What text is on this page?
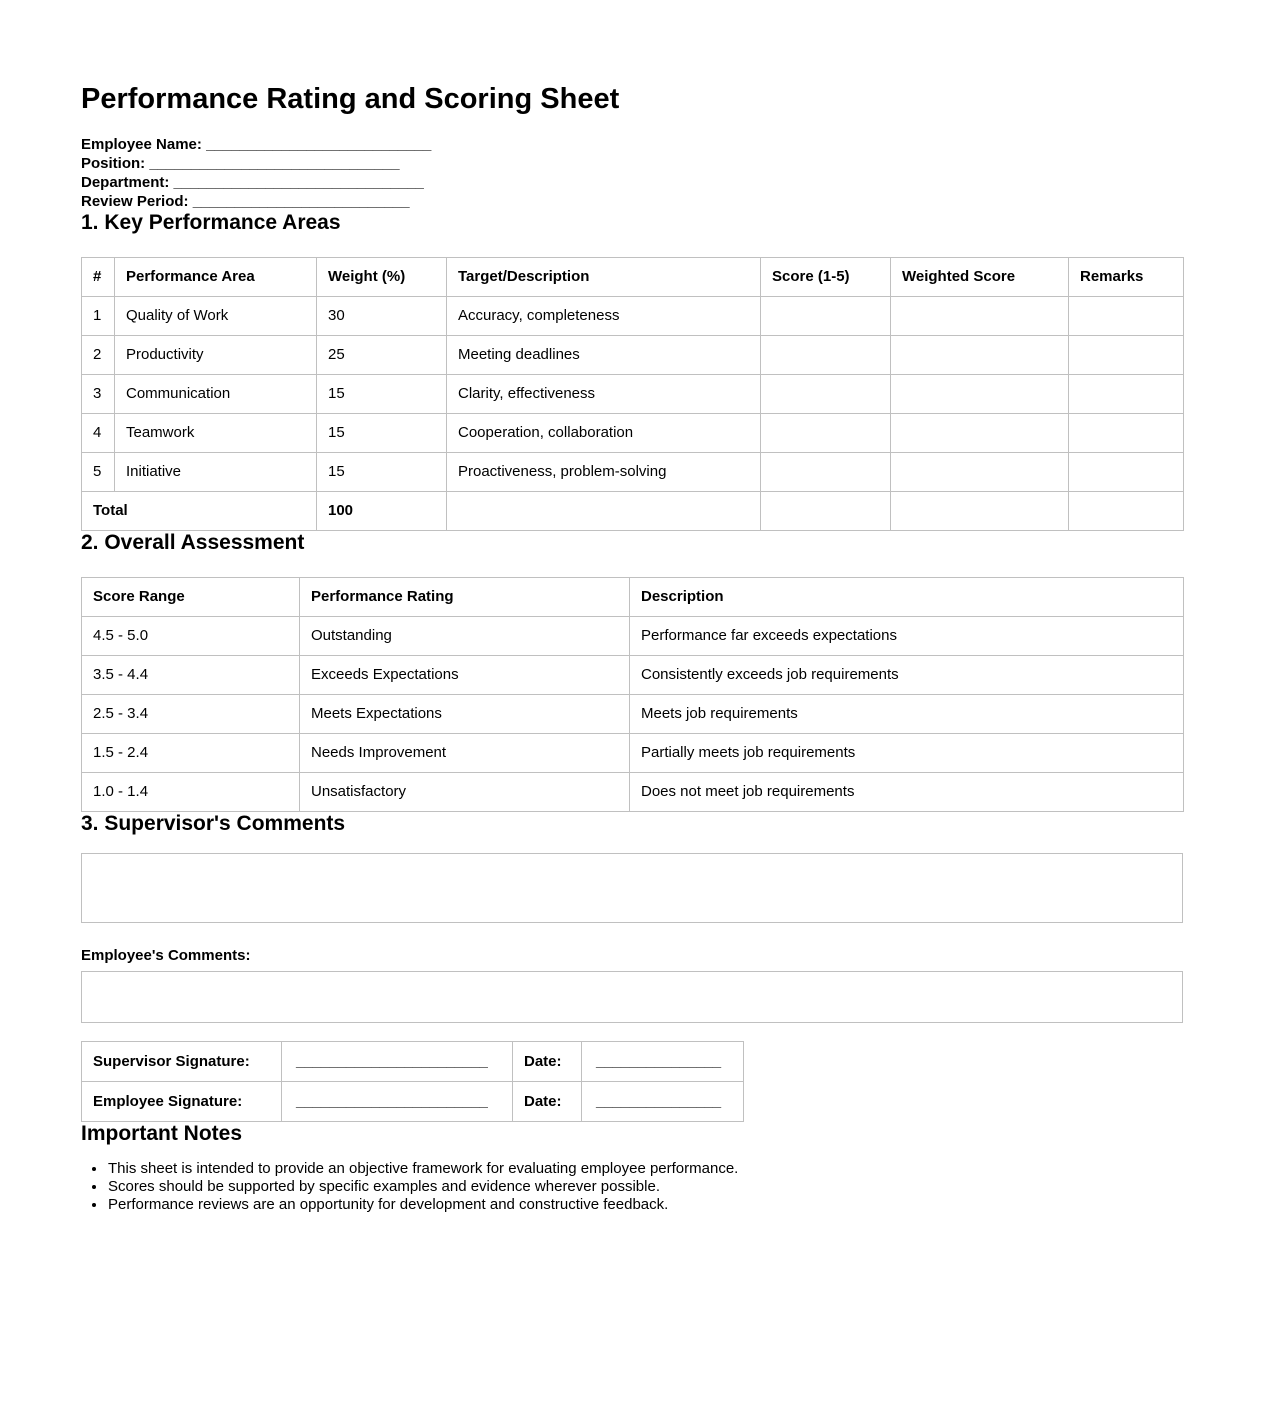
Performance Rating and Scoring Sheet

Employee Name: ___________________________

Position: ______________________________

Department: ______________________________

Review Period: __________________________

1. Key Performance Areas
#	Performance Area	Weight (%)	Target/Description	Score (1-5)	Weighted Score	Remarks
1	Quality of Work	30	Accuracy, completeness			
2	Productivity	25	Meeting deadlines			
3	Communication	15	Clarity, effectiveness			
4	Teamwork	15	Cooperation, collaboration			
5	Initiative	15	Proactiveness, problem-solving			
Total		100				
2. Overall Assessment
Score Range	Performance Rating	Description
4.5 - 5.0	Outstanding	Performance far exceeds expectations
3.5 - 4.4	Exceeds Expectations	Consistently exceeds job requirements
2.5 - 3.4	Meets Expectations	Meets job requirements
1.5 - 2.4	Needs Improvement	Partially meets job requirements
1.0 - 1.4	Unsatisfactory	Does not meet job requirements
3. Supervisor's Comments

Employee's Comments:

Supervisor Signature:	_______________________	Date:	_______________
Employee Signature:	_______________________	Date:	_______________
Important Notes
• This sheet is intended to provide an objective framework for evaluating employee performance.
• Scores should be supported by specific examples and evidence wherever possible.
• Performance reviews are an opportunity for development and constructive feedback.
